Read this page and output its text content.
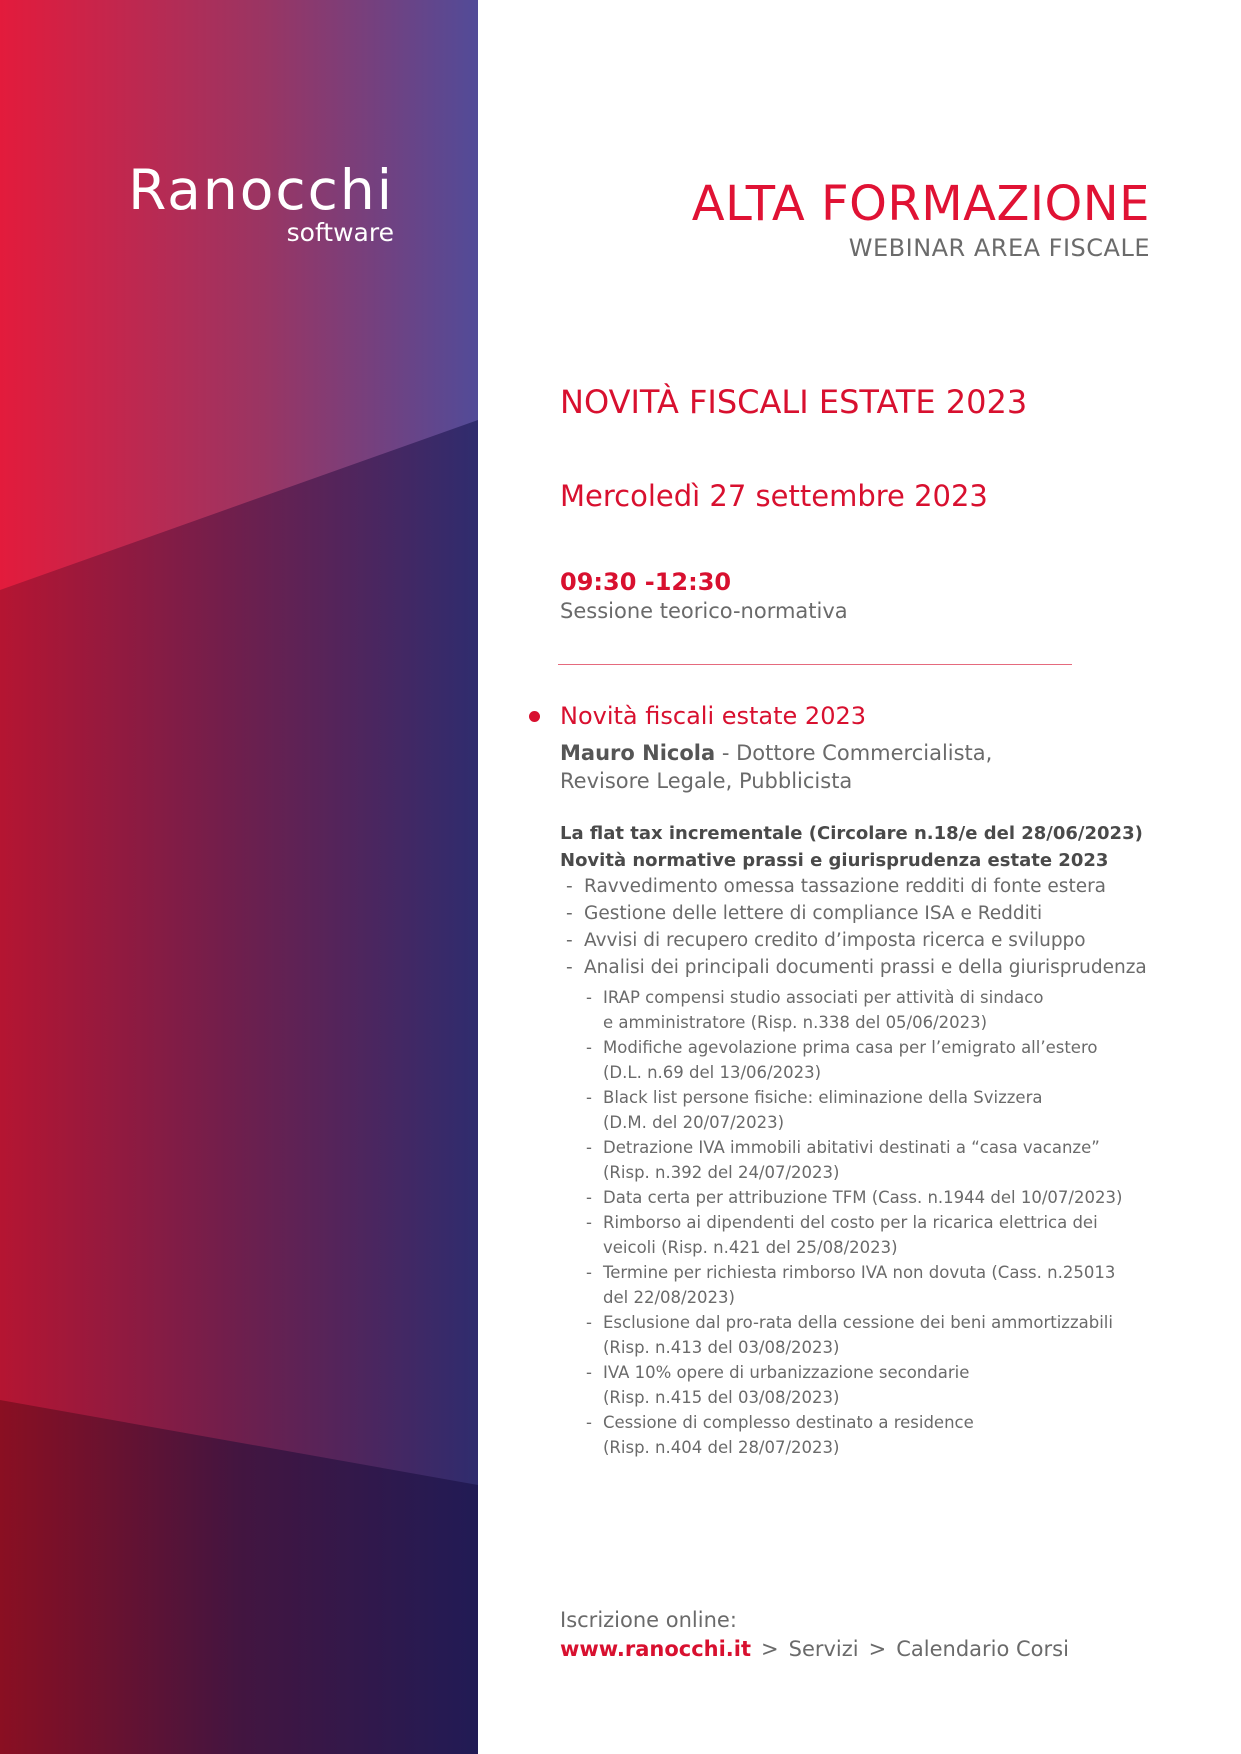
Ranocchi
software
ALTA FORMAZIONE
WEBINAR AREA FISCALE
NOVITÀ FISCALI ESTATE 2023
Mercoledì 27 settembre 2023
09:30 -12:30
Sessione teorico-normativa
Novità fiscali estate 2023
Mauro Nicola - Dottore Commercialista,
Revisore Legale, Pubblicista
La flat tax incrementale (Circolare n.18/e del 28/06/2023)
Novità normative prassi e giurisprudenza estate 2023
- Ravvedimento omessa tassazione redditi di fonte estera
- Gestione delle lettere di compliance ISA e Redditi
- Avvisi di recupero credito d’imposta ricerca e sviluppo
- Analisi dei principali documenti prassi e della giurisprudenza
- IRAP compensi studio associati per attività di sindaco
e amministratore (Risp. n.338 del 05/06/2023)
- Modifiche agevolazione prima casa per l’emigrato all’estero
(D.L. n.69 del 13/06/2023)
- Black list persone fisiche: eliminazione della Svizzera
(D.M. del 20/07/2023)
- Detrazione IVA immobili abitativi destinati a “casa vacanze”
(Risp. n.392 del 24/07/2023)
- Data certa per attribuzione TFM (Cass. n.1944 del 10/07/2023)
- Rimborso ai dipendenti del costo per la ricarica elettrica dei
veicoli (Risp. n.421 del 25/08/2023)
- Termine per richiesta rimborso IVA non dovuta (Cass. n.25013
del 22/08/2023)
- Esclusione dal pro-rata della cessione dei beni ammortizzabili
(Risp. n.413 del 03/08/2023)
- IVA 10% opere di urbanizzazione secondarie
(Risp. n.415 del 03/08/2023)
- Cessione di complesso destinato a residence
(Risp. n.404 del 28/07/2023)
Iscrizione online:
www.ranocchi.it > Servizi > Calendario Corsi
